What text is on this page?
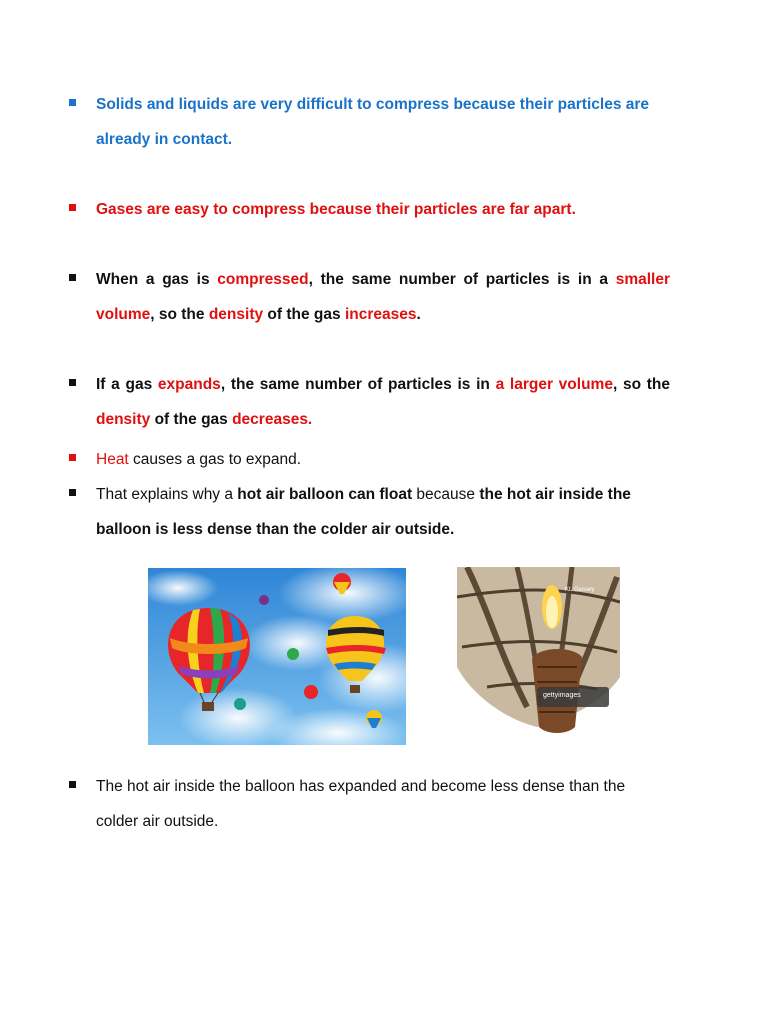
Solids and liquids are very difficult to compress because their particles are already in contact.
Gases are easy to compress because their particles are far apart.
When a gas is compressed, the same number of particles is in a smaller volume, so the density of the gas increases.
If a gas expands, the same number of particles is in a larger volume, so the density of the gas decreases.
Heat causes a gas to expand.
That explains why a hot air balloon can float because the hot air inside the balloon is less dense than the colder air outside.
gettyimages
Kt. Gessey
The hot air inside the balloon has expanded and become less dense than the colder air outside.
